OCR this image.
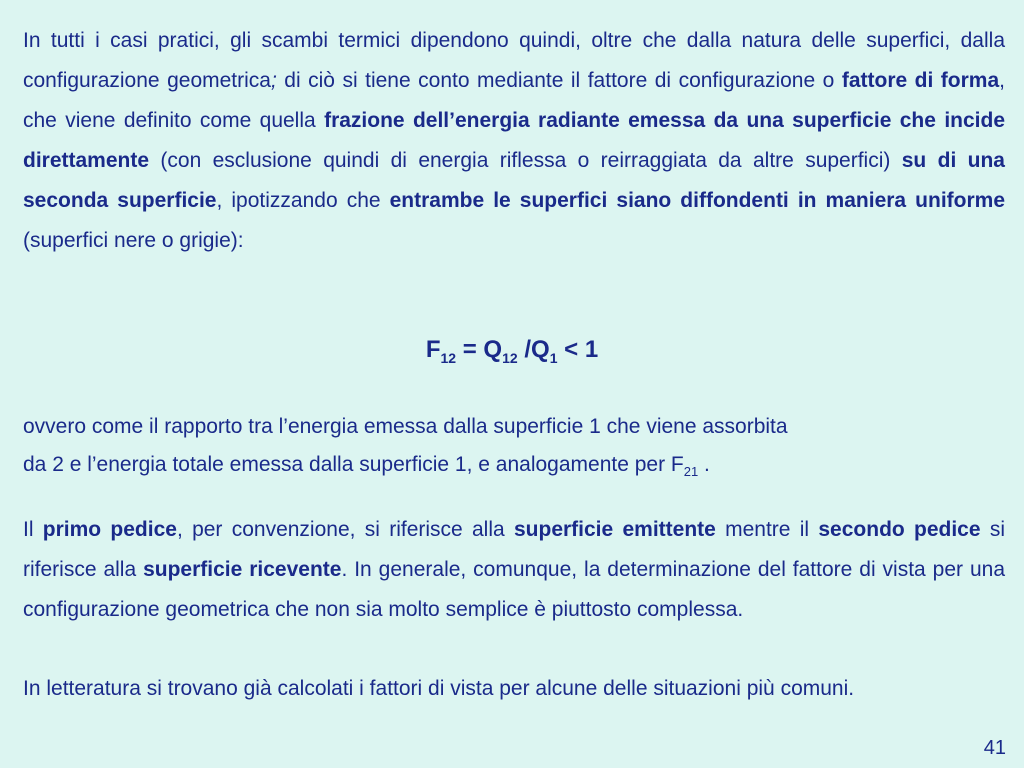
In tutti i casi pratici, gli scambi termici dipendono quindi, oltre che dalla natura delle superfici, dalla configurazione geometrica; di ciò si tiene conto mediante il fattore di configurazione o fattore di forma, che viene definito come quella frazione dell’energia radiante emessa da una superficie che incide direttamente (con esclusione quindi di energia riflessa o reirraggiata da altre superfici) su di una seconda superficie, ipotizzando che entrambe le superfici siano diffondenti in maniera uniforme (superfici nere o grigie):

$F_{12} = Q_{12}$ $/Q_1 < 1$

ovvero come il rapporto tra l’energia emessa dalla superficie 1 che viene assorbita
da 2 e l’energia totale emessa dalla superficie 1, e analogamente per $F_{21}$ .

Il primo pedice, per convenzione, si riferisce alla superficie emittente mentre il secondo pedice si riferisce alla superficie ricevente. In generale, comunque, la determinazione del fattore di vista per una configurazione geometrica che non sia molto semplice è piuttosto complessa.

In letteratura si trovano già calcolati i fattori di vista per alcune delle situazioni più comuni.

41
